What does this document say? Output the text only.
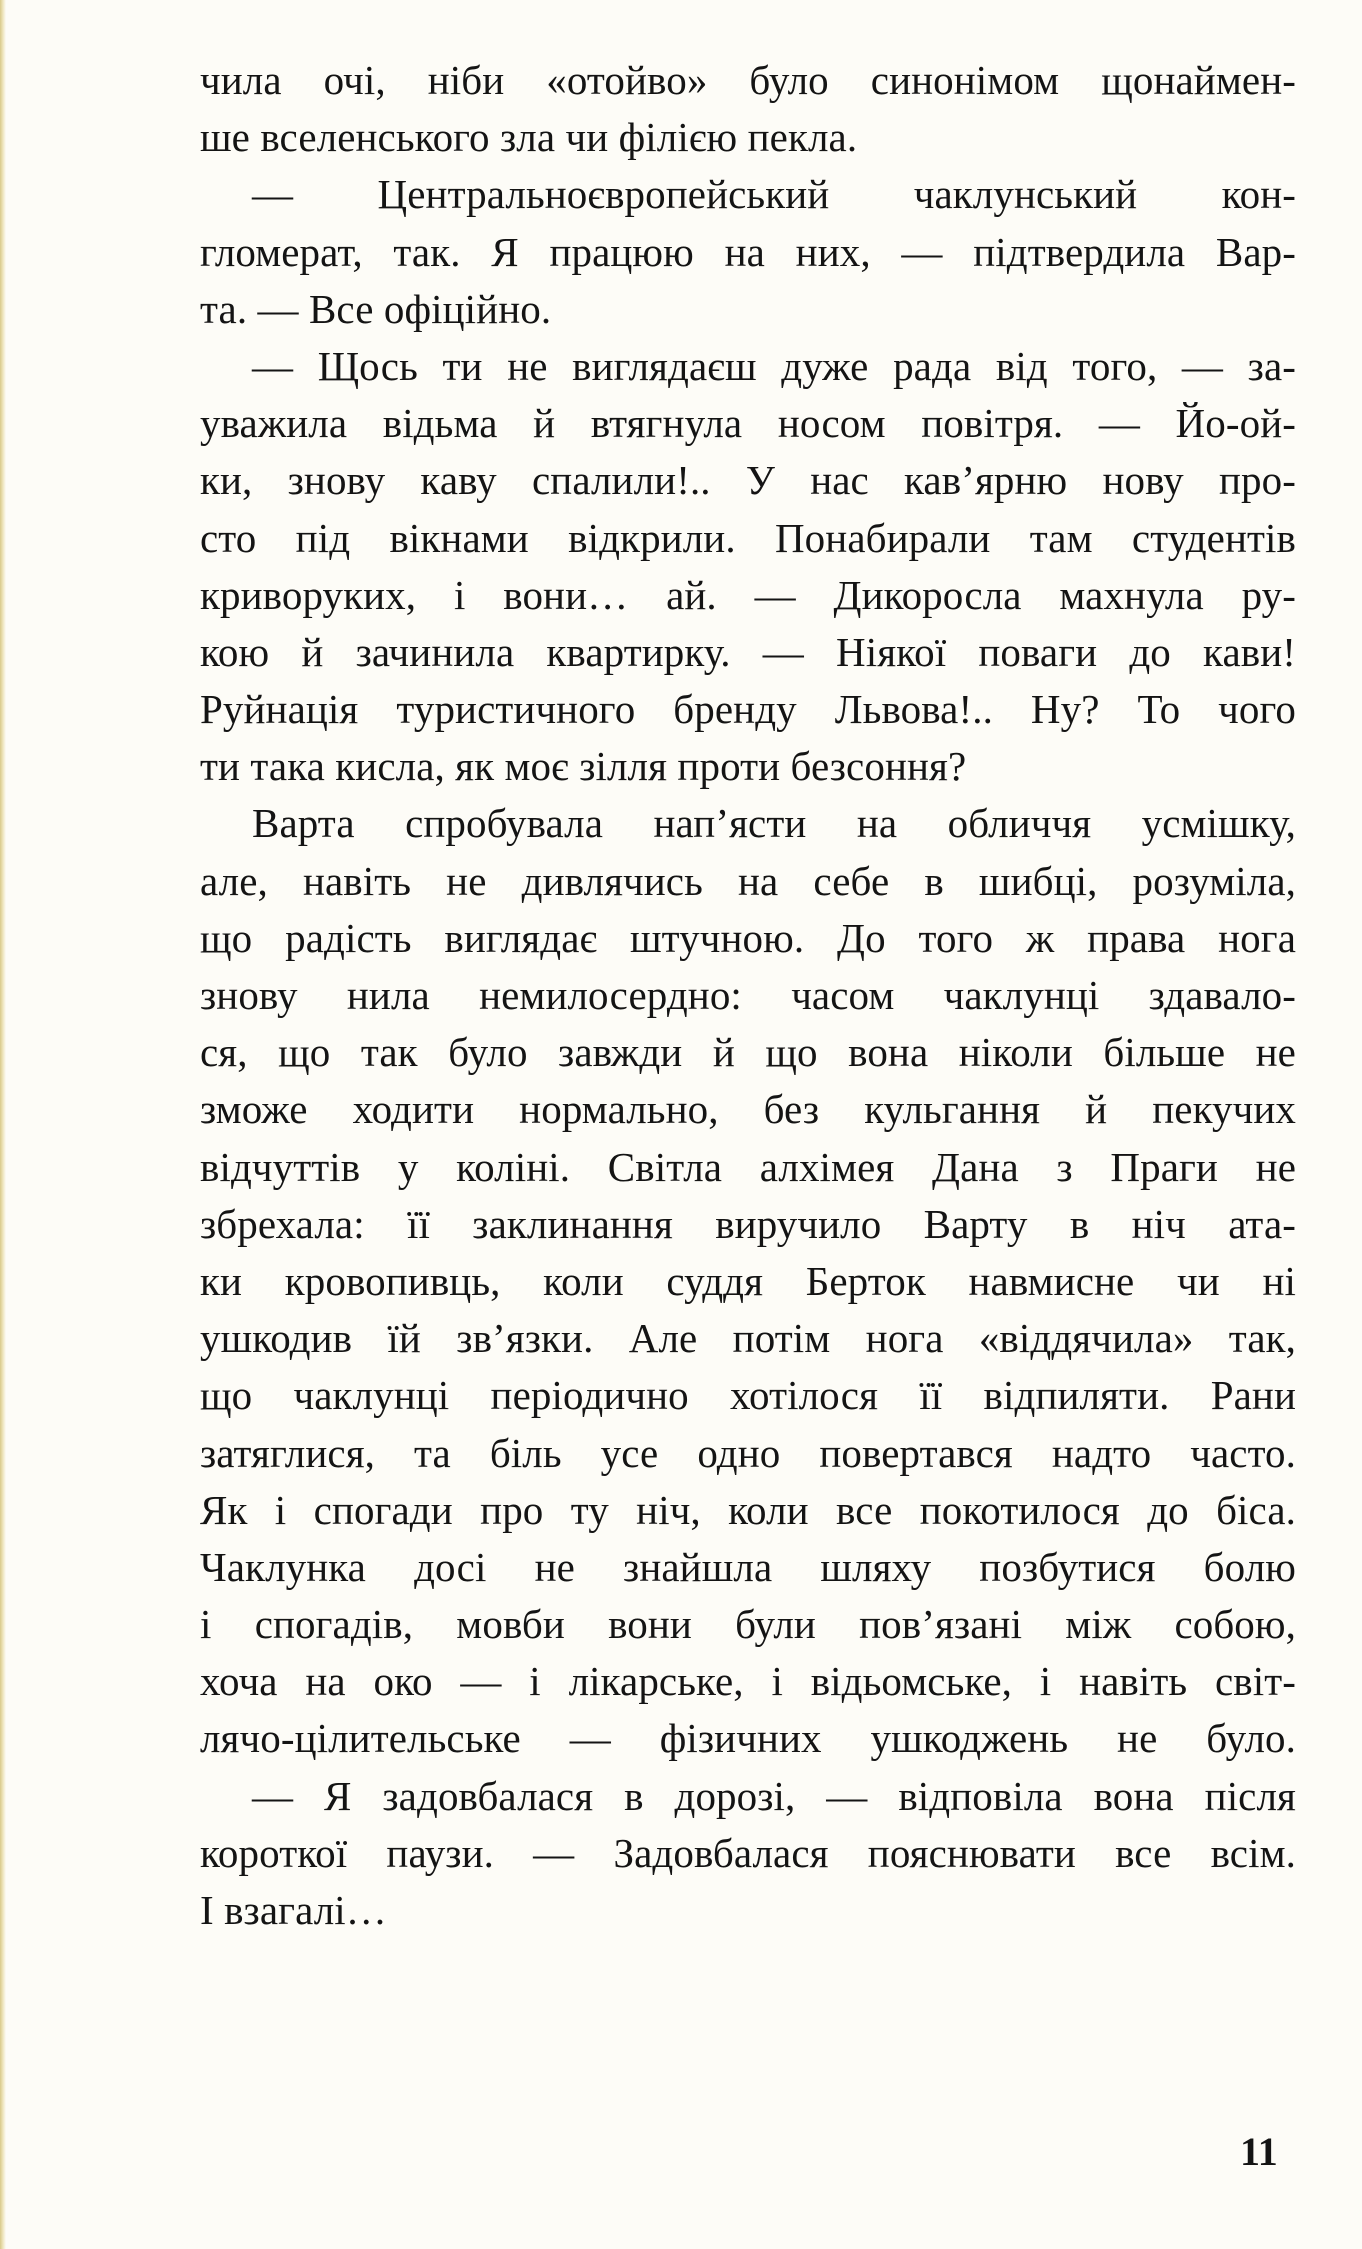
чила очі, ніби «отойво» було синонімом щонаймен-
ше вселенського зла чи філією пекла.
— Центральноєвропейський чаклунський кон-
гломерат, так. Я працюю на них, — підтвердила Вар-
та. — Все офіційно.
— Щось ти не виглядаєш дуже рада від того, — за-
уважила відьма й втягнула носом повітря. — Йо-ой-
ки, знову каву спалили!.. У нас кав’ярню нову про-
сто під вікнами відкрили. Понабирали там студентів
криворуких, і вони… ай. — Дикоросла махнула ру-
кою й зачинила квартирку. — Ніякої поваги до кави!
Руйнація туристичного бренду Львова!.. Ну? То чого
ти така кисла, як моє зілля проти безсоння?
Варта спробувала нап’ясти на обличчя усмішку,
але, навіть не дивлячись на себе в шибці, розуміла,
що радість виглядає штучною. До того ж права нога
знову нила немилосердно: часом чаклунці здавало-
ся, що так було завжди й що вона ніколи більше не
зможе ходити нормально, без кульгання й пекучих
відчуттів у коліні. Світла алхімея Дана з Праги не
збрехала: її заклинання виручило Варту в ніч ата-
ки кровопивць, коли суддя Берток навмисне чи ні
ушкодив їй зв’язки. Але потім нога «віддячила» так,
що чаклунці періодично хотілося її відпиляти. Рани
затяглися, та біль усе одно повертався надто часто.
Як і спогади про ту ніч, коли все покотилося до біса.
Чаклунка досі не знайшла шляху позбутися болю
і спогадів, мовби вони були пов’язані між собою,
хоча на око — і лікарське, і відьомське, і навіть світ-
лячо-цілительське — фізичних ушкоджень не було.
— Я задовбалася в дорозі, — відповіла вона після
короткої паузи. — Задовбалася пояснювати все всім.
І взагалі…
11
